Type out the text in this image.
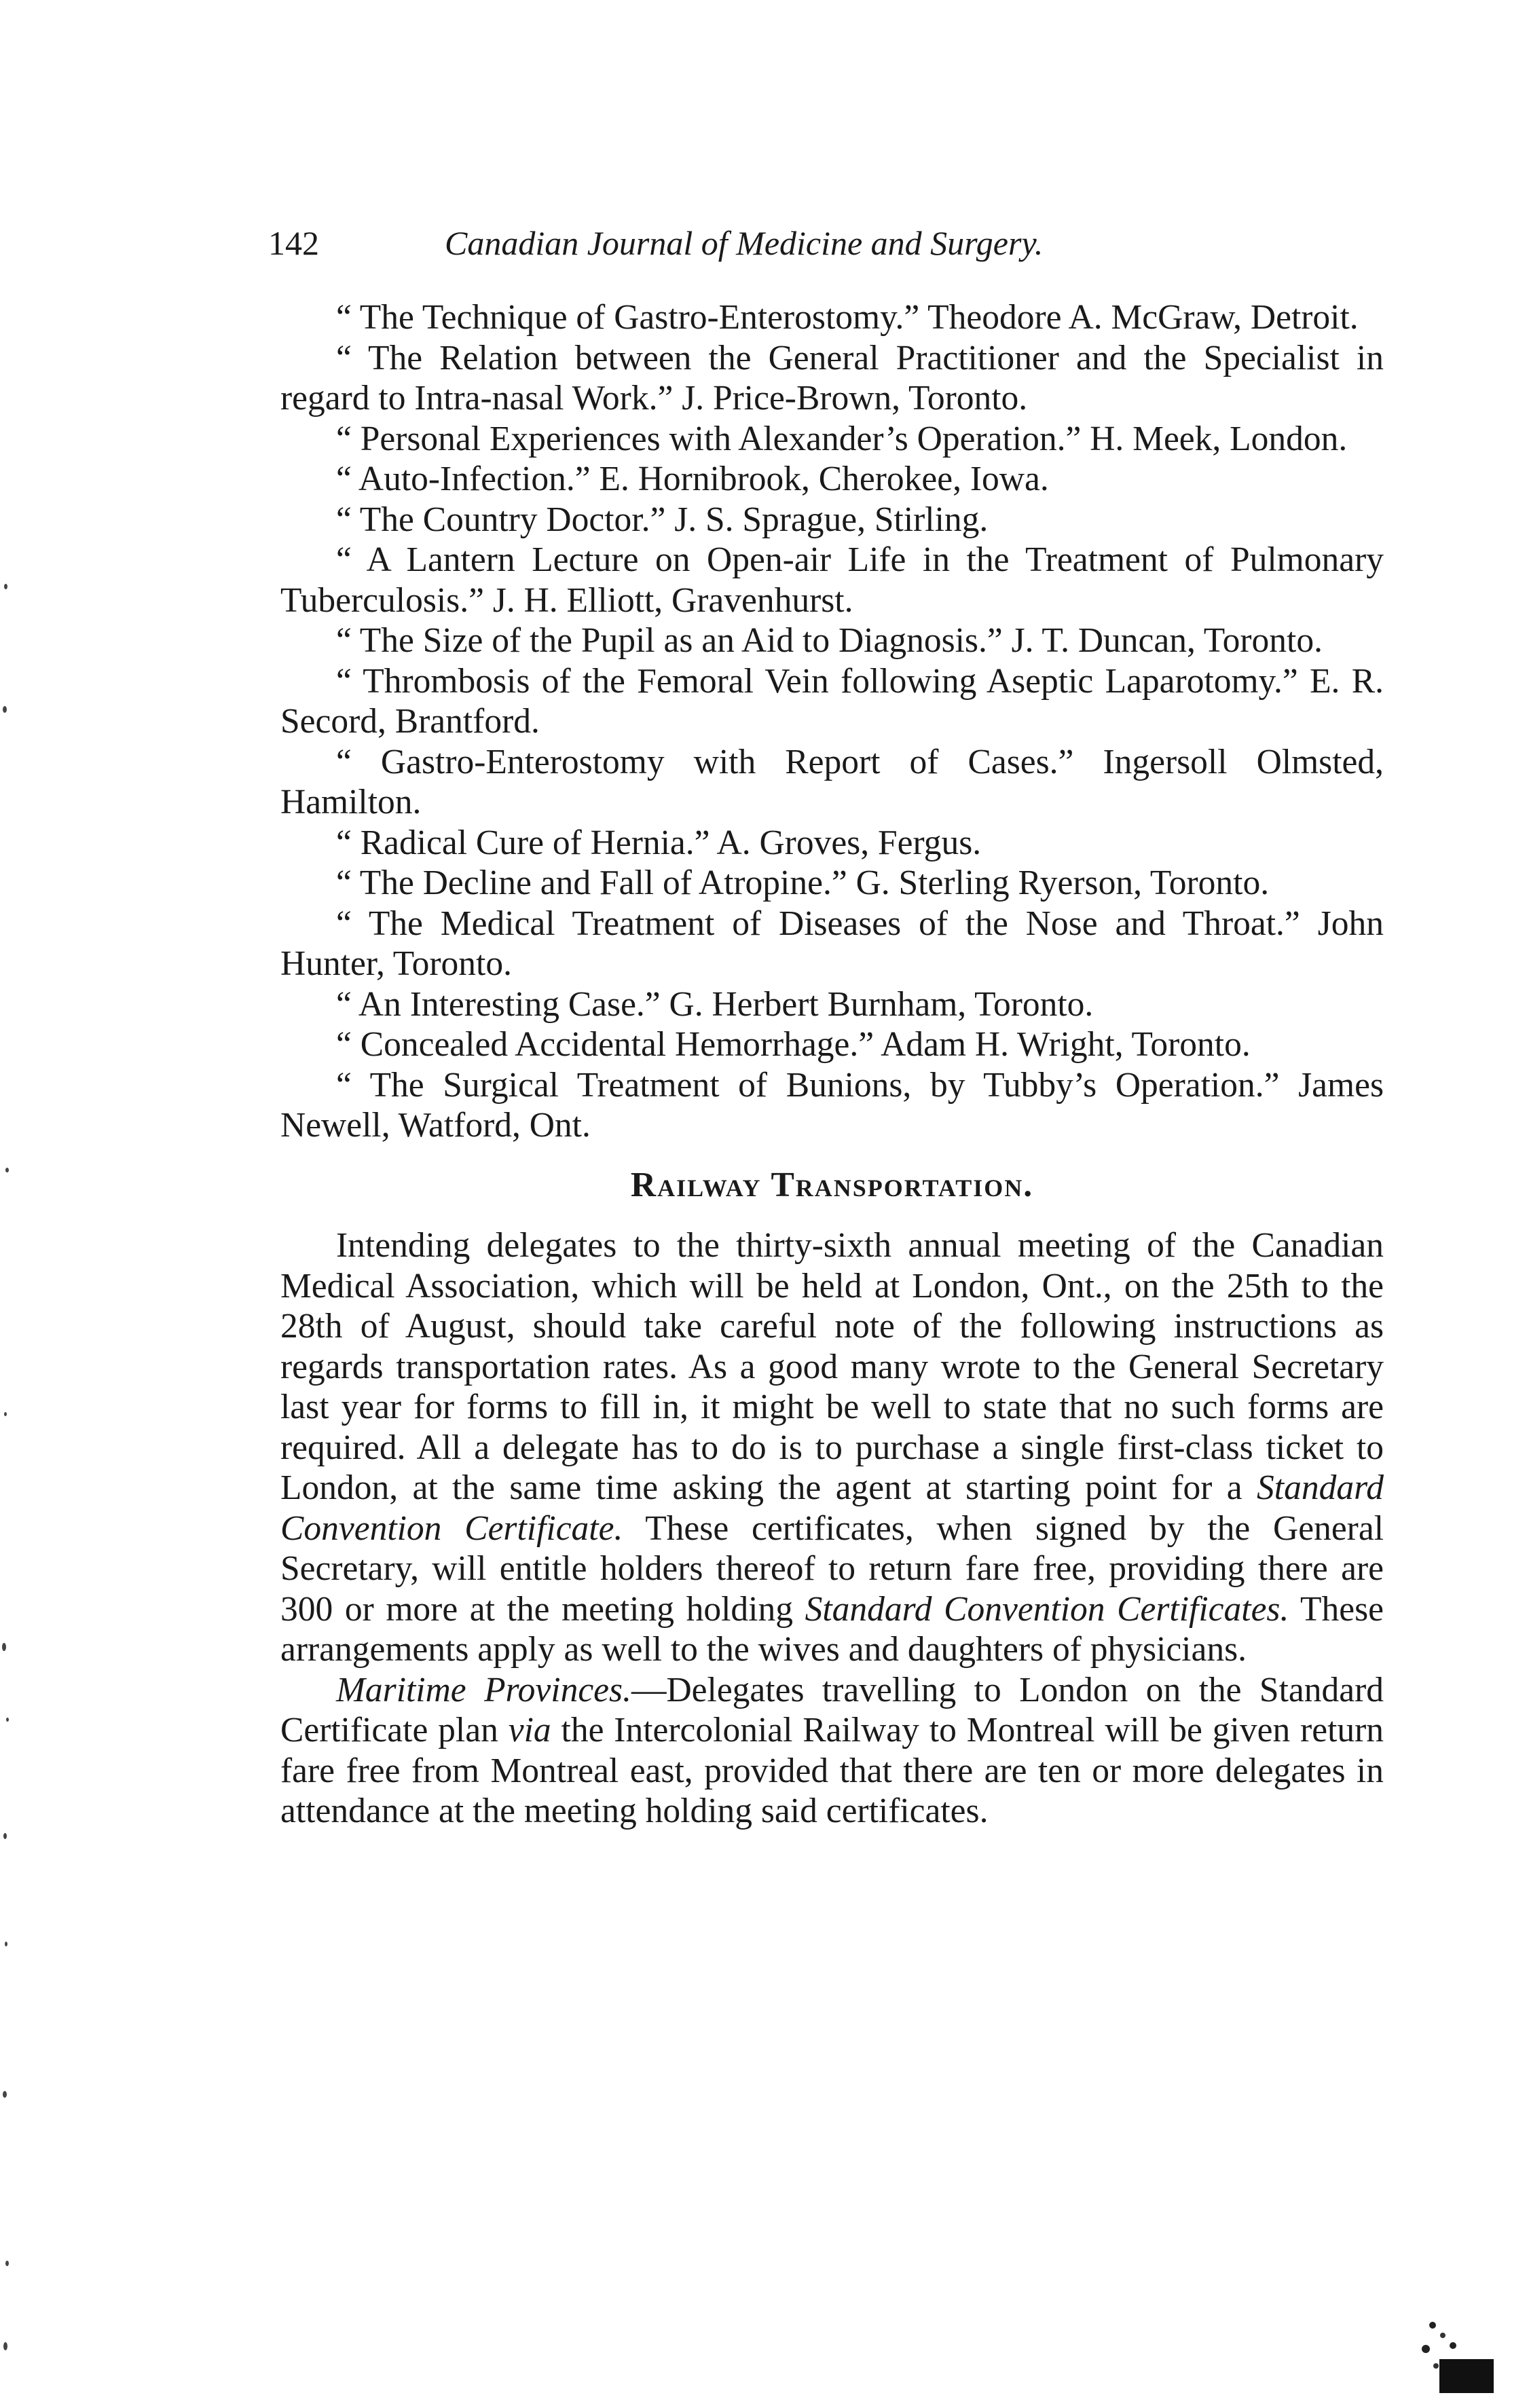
142	Canadian Journal of Medicine and Surgery.

“ The Technique of Gastro-Enterostomy.” Theodore A. McGraw, Detroit.

“ The Relation between the General Practitioner and the Specialist in regard to Intra-nasal Work.” J. Price-Brown, Toronto.

“ Personal Experiences with Alexander’s Operation.” H. Meek, London.

“ Auto-Infection.” E. Hornibrook, Cherokee, Iowa.

“ The Country Doctor.” J. S. Sprague, Stirling.

“ A Lantern Lecture on Open-air Life in the Treatment of Pulmonary Tuberculosis.” J. H. Elliott, Gravenhurst.

“ The Size of the Pupil as an Aid to Diagnosis.” J. T. Duncan, Toronto.

“ Thrombosis of the Femoral Vein following Aseptic Laparotomy.” E. R. Secord, Brantford.

“ Gastro-Enterostomy with Report of Cases.” Ingersoll Olmsted, Hamilton.

“ Radical Cure of Hernia.” A. Groves, Fergus.

“ The Decline and Fall of Atropine.” G. Sterling Ryerson, Toronto.

“ The Medical Treatment of Diseases of the Nose and Throat.” John Hunter, Toronto.

“ An Interesting Case.” G. Herbert Burnham, Toronto.

“ Concealed Accidental Hemorrhage.” Adam H. Wright, Toronto.

“ The Surgical Treatment of Bunions, by Tubby’s Operation.” James Newell, Watford, Ont.

Railway Transportation.

Intending delegates to the thirty-sixth annual meeting of the Canadian Medical Association, which will be held at London, Ont., on the 25th to the 28th of August, should take careful note of the following instructions as regards transportation rates. As a good many wrote to the General Secretary last year for forms to fill in, it might be well to state that no such forms are required. All a delegate has to do is to purchase a single first-class ticket to London, at the same time asking the agent at starting point for a Standard Convention Certificate. These certificates, when signed by the General Secretary, will entitle holders thereof to return fare free, providing there are 300 or more at the meeting holding Standard Convention Certificates. These arrangements apply as well to the wives and daughters of physicians.

Maritime Provinces.—Delegates travelling to London on the Standard Certificate plan via the Intercolonial Railway to Montreal will be given return fare free from Montreal east, provided that there are ten or more delegates in attendance at the meeting holding said certificates.
